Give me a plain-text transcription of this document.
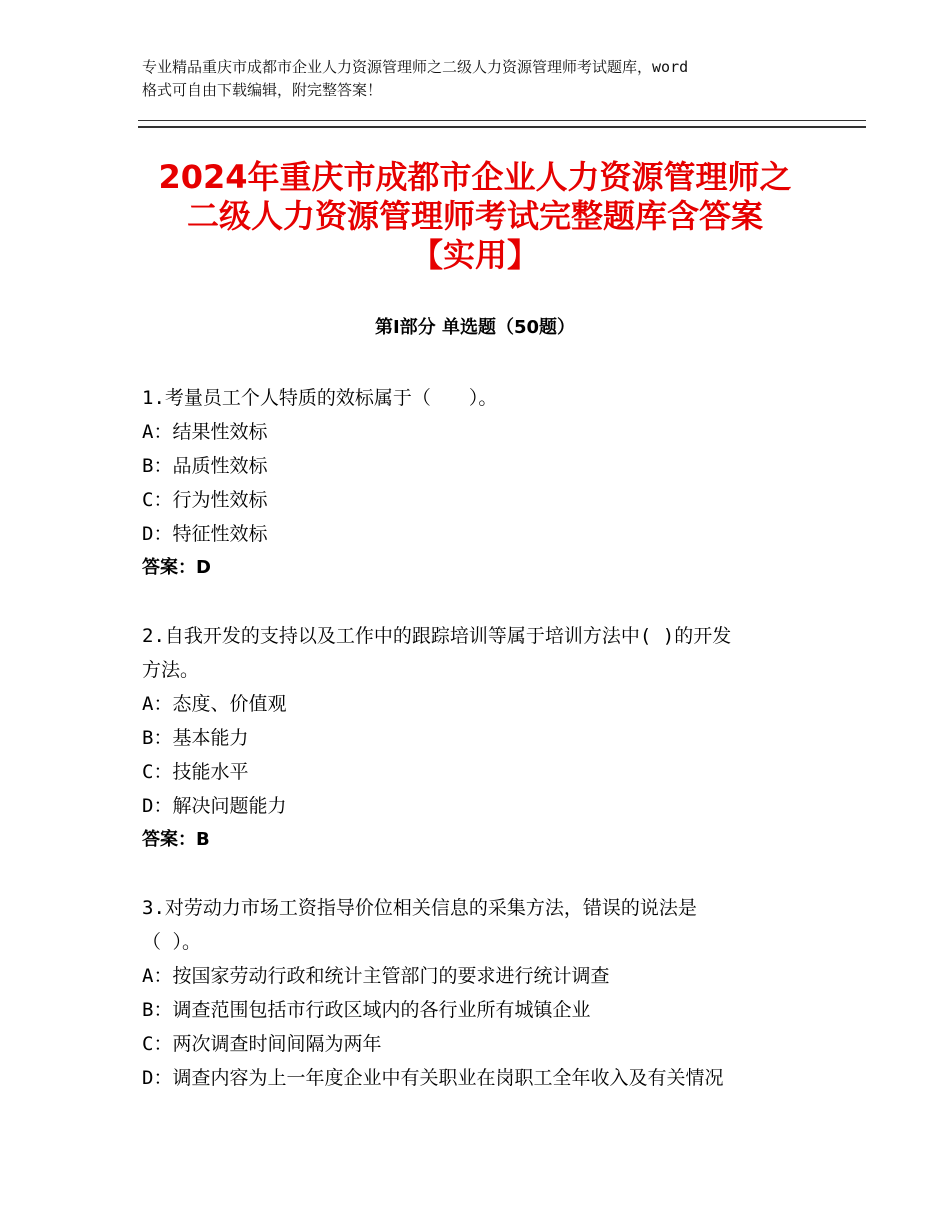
专业精品重庆市成都市企业人力资源管理师之二级人力资源管理师考试题库，word
格式可自由下载编辑，附完整答案！
2024年重庆市成都市企业人力资源管理师之
二级人力资源管理师考试完整题库含答案
【实用】
第Ⅰ部分 单选题（50题）

1.考量员工个人特质的效标属于（　　）。

A：结果性效标

B：品质性效标

C：行为性效标

D：特征性效标

答案：D

2.自我开发的支持以及工作中的跟踪培训等属于培训方法中( )的开发

方法。

A：态度、价值观

B：基本能力

C：技能水平

D：解决问题能力

答案：B

3.对劳动力市场工资指导价位相关信息的采集方法，错误的说法是

（ ）。

A：按国家劳动行政和统计主管部门的要求进行统计调查

B：调查范围包括市行政区域内的各行业所有城镇企业

C：两次调查时间间隔为两年

D：调查内容为上一年度企业中有关职业在岗职工全年收入及有关情况
